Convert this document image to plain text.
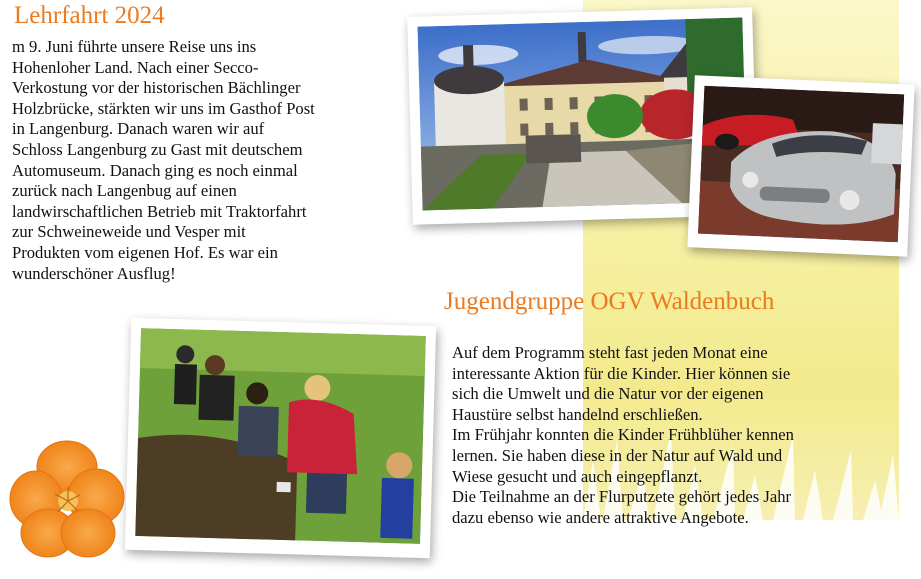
Lehrfahrt 2024
m 9. Juni führte unsere Reise uns ins
Hohenloher Land. Nach einer Secco-
Verkostung vor der historischen Bächlinger
Holzbrücke, stärkten wir uns im Gasthof Post
in Langenburg. Danach waren wir auf
Schloss Langenburg zu Gast mit deutschem
Automuseum. Danach ging es noch einmal
zurück nach Langenbug auf einen
landwirschaftlichen Betrieb mit Traktorfahrt
zur Schweineweide und Vesper mit
Produkten vom eigenen Hof. Es war ein
wunderschöner Ausflug!
Jugendgruppe OGV Waldenbuch
Auf dem Programm steht fast jeden Monat eine
interessante Aktion für die Kinder. Hier können sie
sich die Umwelt und die Natur vor der eigenen
Haustüre selbst handelnd erschließen.
Im Frühjahr konnten die Kinder Frühblüher kennen
lernen. Sie haben diese in der Natur auf Wald und
Wiese gesucht und auch eingepflanzt.
Die Teilnahme an der Flurputzete gehört jedes Jahr
dazu ebenso wie andere attraktive Angebote.
